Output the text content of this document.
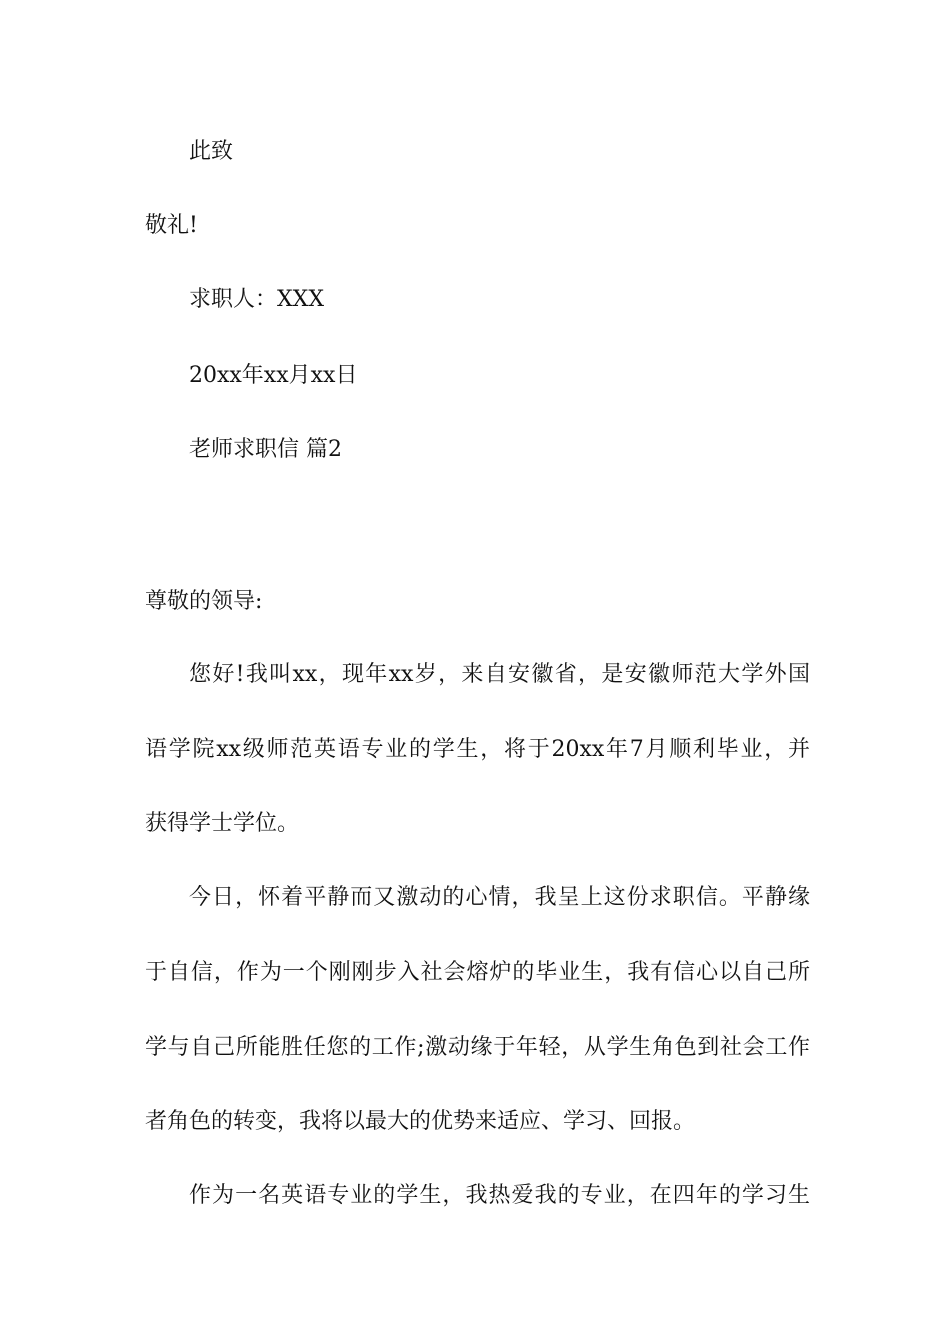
此致
敬礼!
求职人：XXX
20xx年xx月xx日
老师求职信 篇2
尊敬的领导:
您好!我叫xx，现年xx岁，来自安徽省，是安徽师范大学外国
语学院xx级师范英语专业的学生，将于20xx年7月顺利毕业，并
获得学士学位。
今日，怀着平静而又激动的心情，我呈上这份求职信。平静缘
于自信，作为一个刚刚步入社会熔炉的毕业生，我有信心以自己所
学与自己所能胜任您的工作;激动缘于年轻，从学生角色到社会工作
者角色的转变，我将以最大的优势来适应、学习、回报。
作为一名英语专业的学生，我热爱我的专业，在四年的学习生
